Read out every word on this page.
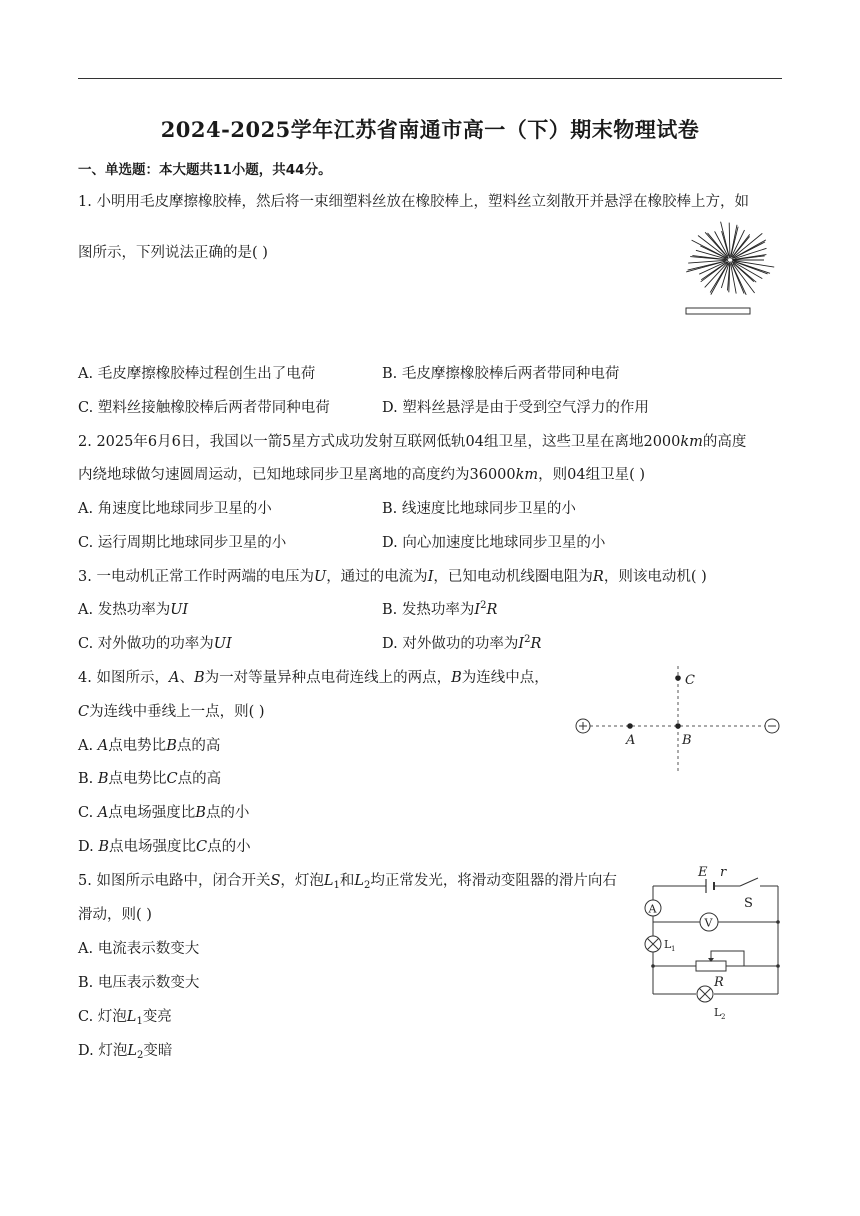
2024-2025学年江苏省南通市高一（下）期末物理试卷
一、单选题：本大题共11小题，共44分。
1. 小明用毛皮摩擦橡胶棒，然后将一束细塑料丝放在橡胶棒上，塑料丝立刻散开并悬浮在橡胶棒上方，如
图所示，下列说法正确的是( )
A. 毛皮摩擦橡胶棒过程创生出了电荷	B. 毛皮摩擦橡胶棒后两者带同种电荷
C. 塑料丝接触橡胶棒后两者带同种电荷	D. 塑料丝悬浮是由于受到空气浮力的作用
2. 2025年6月6日，我国以一箭5星方式成功发射互联网低轨04组卫星，这些卫星在离地2000km的高度
内绕地球做匀速圆周运动，已知地球同步卫星离地的高度约为36000km，则04组卫星( )
A. 角速度比地球同步卫星的小	B. 线速度比地球同步卫星的小
C. 运行周期比地球同步卫星的小	D. 向心加速度比地球同步卫星的小
3. 一电动机正常工作时两端的电压为U，通过的电流为I，已知电动机线圈电阻为R，则该电动机( )
A. 发热功率为UI	B. 发热功率为$I^2R$
C. 对外做功的功率为UI	D. 对外做功的功率为$I^2R$
4. 如图所示，A、B为一对等量异种点电荷连线上的两点，B为连线中点，
C为连线中垂线上一点，则( )
A. A点电势比B点的高
B. B点电势比C点的高
C. A点电场强度比B点的小
D. B点电场强度比C点的小
A	B
C
5. 如图所示电路中，闭合开关S，灯泡$L_1$和$L_2$均正常发光，将滑动变阻器的滑片向右
滑动，则( )
A. 电流表示数变大
B. 电压表示数变大
C. 灯泡$L_1$变亮
D. 灯泡$L_2$变暗
A
V
E r
S
L 1
R
L 2
